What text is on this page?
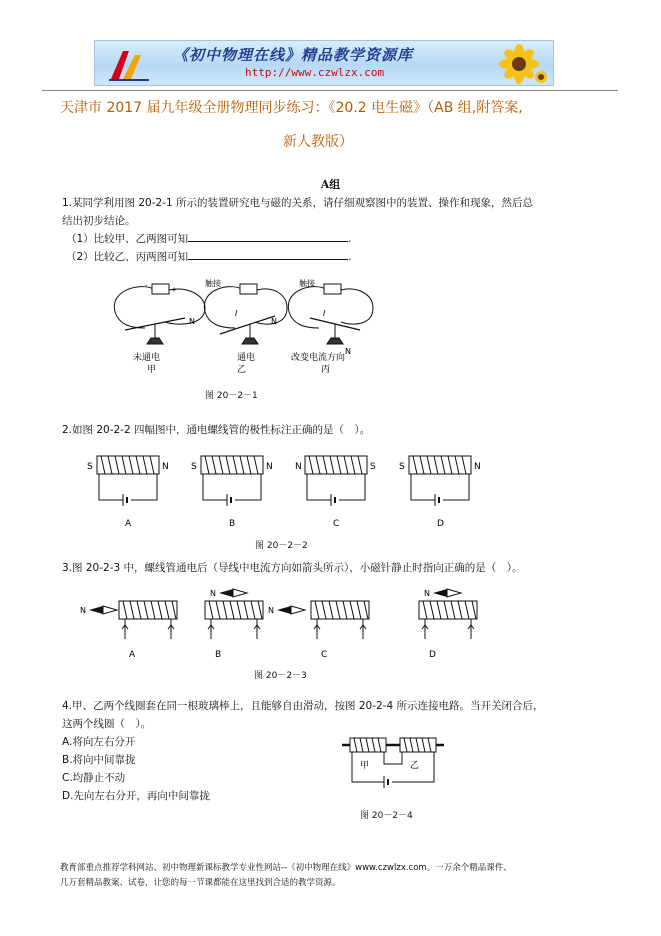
《初中物理在线》精品教学资源库
http://www.czwlzx.com
天津市 2017 届九年级全册物理同步练习：《20.2 电生磁》（AB 组,附答案,
新人教版）
A组
1.某同学利用图 20-2-1 所示的装置研究电与磁的关系，请仔细观察图中的装置、操作和现象，然后总
结出初步结论。
（1）比较甲、乙两图可知	.
（2）比较乙、丙两图可知	.
+
-
N
未通电
甲
触接
I
N
通电
乙
触接
I
N
改变电流方向
丙
图 20－2－1
2.如图 20-2-2 四幅图中，通电螺线管的极性标注正确的是（　）。
S	N
A
S	N
B
N	S
C
S	N
D
图 20－2－2
3.图 20-2-3 中，螺线管通电后（导线中电流方向如箭头所示），小磁针静止时指向正确的是（　）。
N
A
N
B
N
C
N
D
图 20－2－3
4.甲、乙两个线圈套在同一根玻璃棒上，且能够自由滑动，按图 20-2-4 所示连接电路。当开关闭合后，
这两个线圈（　）。
A.将向左右分开
B.将向中间靠拢
C.均静止不动
D.先向左右分开，再向中间靠拢
甲	乙
图 20－2－4
教育部重点推荐学科网站、初中物理新课标教学专业性网站--《初中物理在线》www.czwlzx.com。一万余个精品课件、
几万套精品教案、试卷，让您的每一节课都能在这里找到合适的教学资源。
